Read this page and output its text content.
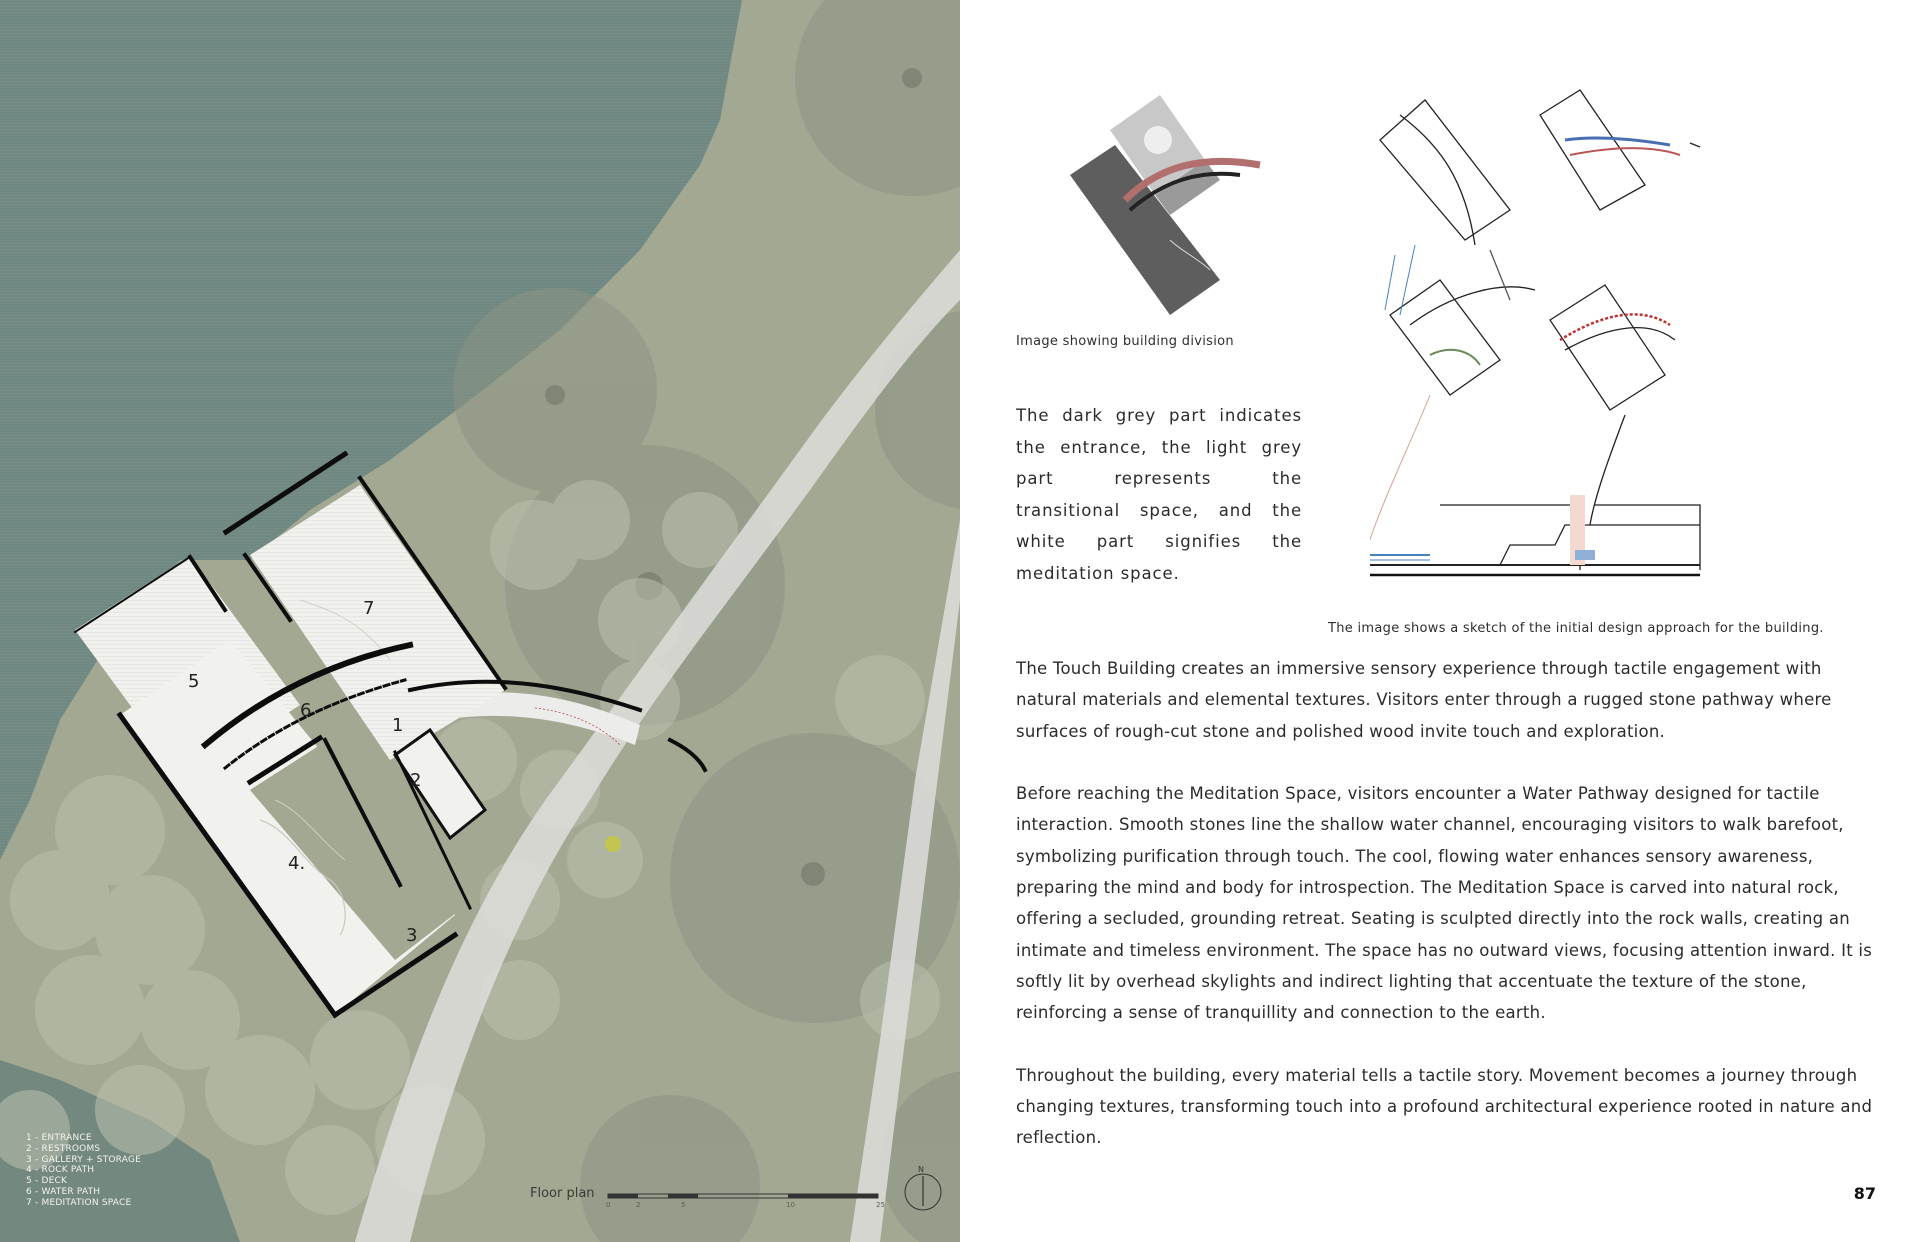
1
2
3
4.
5
6
7
1 - ENTRANCE
2 - RESTROOMS
3 - GALLERY + STORAGE
4 - ROCK PATH
5 - DECK
6 - WATER PATH
7 - MEDITATION SPACE
Floor plan
0	2	5	10	25
N
Image showing building division
The image shows a sketch of the initial design approach for the building.
The dark grey part indicates the entrance, the light grey part represents the transitional space, and the white part signifies the meditation space.

The Touch Building creates an immersive sensory experience through tactile engagement with natural materials and elemental textures. Visitors enter through a rugged stone pathway where surfaces of rough-cut stone and polished wood invite touch and exploration.

Before reaching the Meditation Space, visitors encounter a Water Pathway designed for tactile interaction. Smooth stones line the shallow water channel, encouraging visitors to walk barefoot, symbolizing purification through touch. The cool, flowing water enhances sensory awareness, preparing the mind and body for introspection. The Meditation Space is carved into natural rock, offering a secluded, grounding retreat. Seating is sculpted directly into the rock walls, creating an intimate and timeless environment. The space has no outward views, focusing attention inward. It is softly lit by overhead skylights and indirect lighting that accentuate the texture of the stone, reinforcing a sense of tranquillity and connection to the earth.

Throughout the building, every material tells a tactile story. Movement becomes a journey through changing textures, transforming touch into a profound architectural experience rooted in nature and reflection.

87
